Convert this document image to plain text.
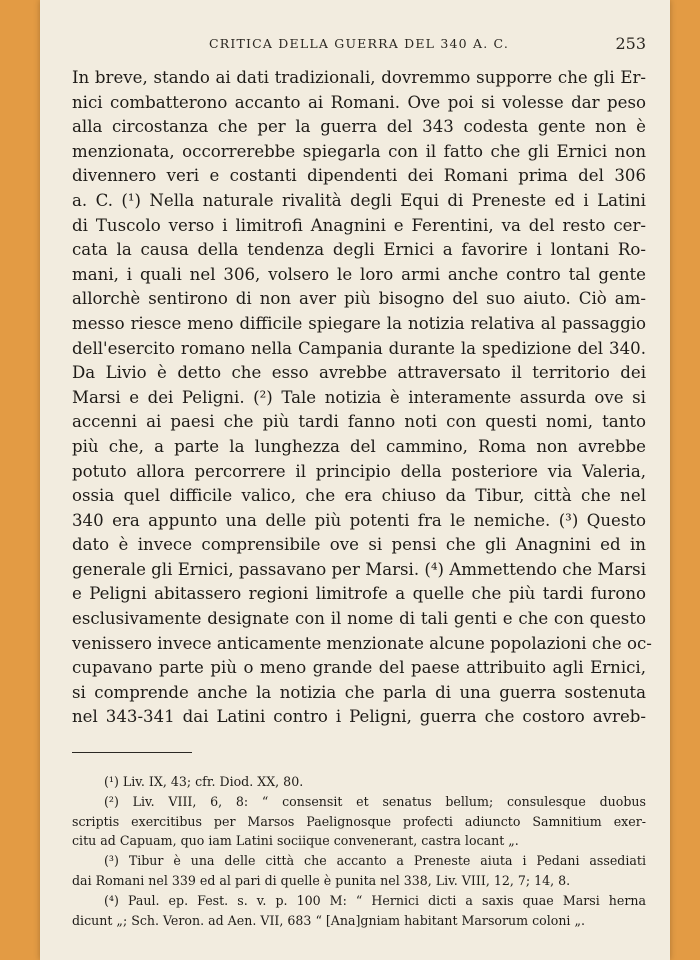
CRITICA DELLA GUERRA DEL 340 A. C.	253
In breve, stando ai dati tradizionali, dovremmo supporre che gli Er-
nici combatterono accanto ai Romani. Ove poi si volesse dar peso
alla circostanza che per la guerra del 343 codesta gente non è
menzionata, occorrerebbe spiegarla con il fatto che gli Ernici non
divennero veri e costanti dipendenti dei Romani prima del 306
a. C. (¹) Nella naturale rivalità degli Equi di Preneste ed i Latini
di Tuscolo verso i limitrofi Anagnini e Ferentini, va del resto cer-
cata la causa della tendenza degli Ernici a favorire i lontani Ro-
mani, i quali nel 306, volsero le loro armi anche contro tal gente
allorchè sentirono di non aver più bisogno del suo aiuto. Ciò am-
messo riesce meno difficile spiegare la notizia relativa al passaggio
dell'esercito romano nella Campania durante la spedizione del 340.
Da Livio è detto che esso avrebbe attraversato il territorio dei
Marsi e dei Peligni. (²) Tale notizia è interamente assurda ove si
accenni ai paesi che più tardi fanno noti con questi nomi, tanto
più che, a parte la lunghezza del cammino, Roma non avrebbe
potuto allora percorrere il principio della posteriore via Valeria,
ossia quel difficile valico, che era chiuso da Tibur, città che nel
340 era appunto una delle più potenti fra le nemiche. (³) Questo
dato è invece comprensibile ove si pensi che gli Anagnini ed in
generale gli Ernici, passavano per Marsi. (⁴) Ammettendo che Marsi
e Peligni abitassero regioni limitrofe a quelle che più tardi furono
esclusivamente designate con il nome di tali genti e che con questo
venissero invece anticamente menzionate alcune popolazioni che oc-
cupavano parte più o meno grande del paese attribuito agli Ernici,
si comprende anche la notizia che parla di una guerra sostenuta
nel 343-341 dai Latini contro i Peligni, guerra che costoro avreb-
(¹) Liv. IX, 43; cfr. Diod. XX, 80.
(²) Liv. VIII, 6, 8: “ consensit et senatus bellum; consulesque duobus
scriptis exercitibus per Marsos Paelignosque profecti adiuncto Samnitium exer-
citu ad Capuam, quo iam Latini sociique convenerant, castra locant „.
(³) Tibur è una delle città che accanto a Preneste aiuta i Pedani assediati
dai Romani nel 339 ed al pari di quelle è punita nel 338, Liv. VIII, 12, 7; 14, 8.
(⁴) Paul. ep. Fest. s. v. p. 100 M: “ Hernici dicti a saxis quae Marsi herna
dicunt „; Sch. Veron. ad Aen. VII, 683 “ [Ana]gniam habitant Marsorum coloni „.
